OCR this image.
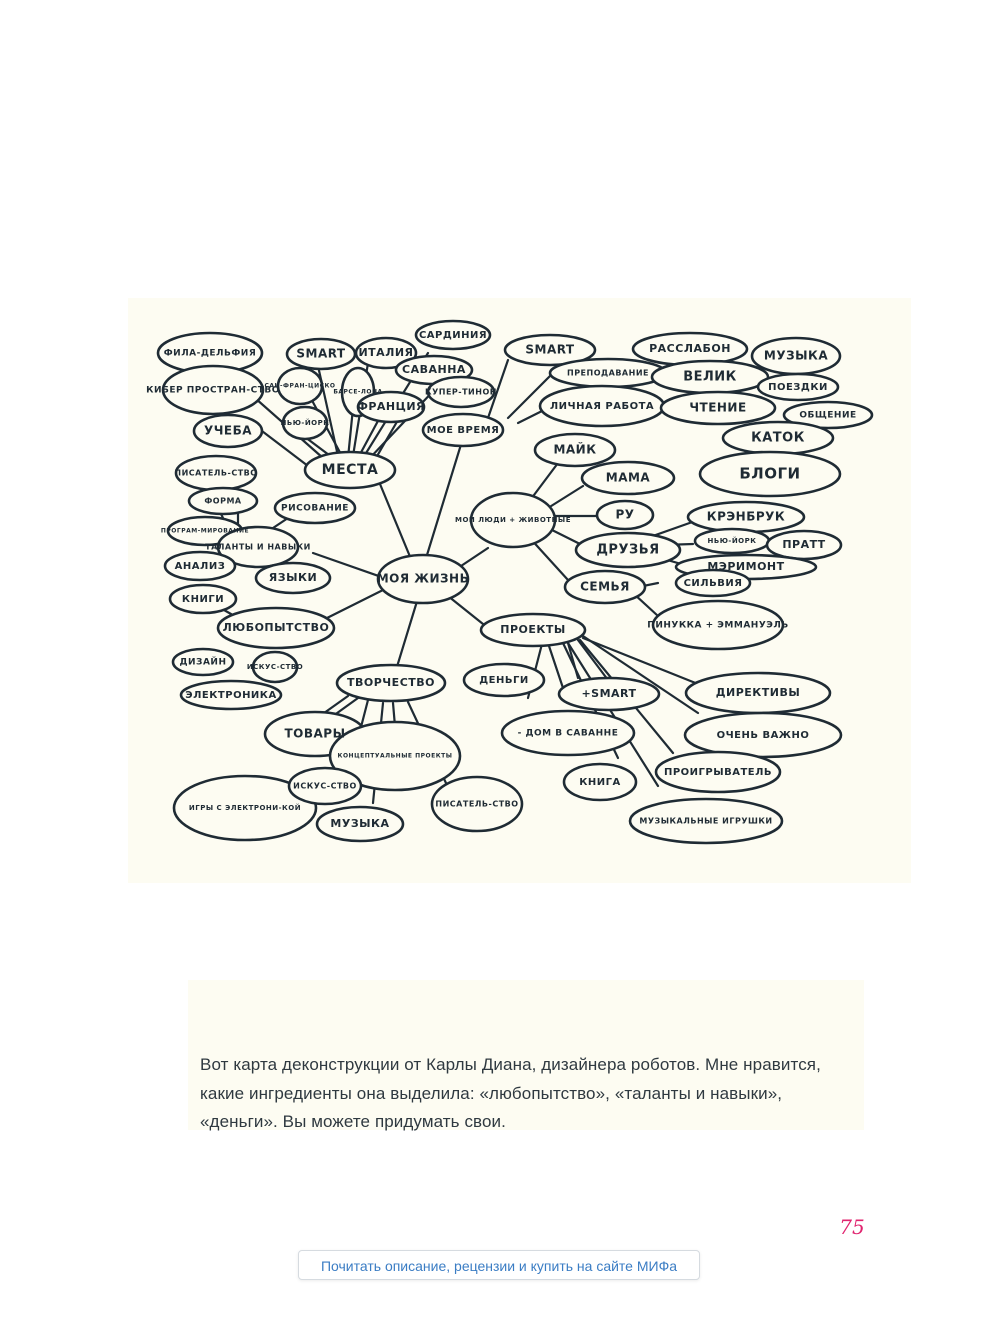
ФИЛА-ДЕЛЬФИЯ	SMART ИТАЛИЯ
САРДИНИЯ
КИБЕР ПРОСТРАН-СТВО
САН-ФРАН-ЦИСКО
БАРСЕ-ЛОНА
САВАННА
КУПЕР-ТИНОН
УЧЕБА
НЬЮ-ЙОРК
ФРАНЦИЯ
МОЕ ВРЕМЯ
МЕСТА
SMART
ПРЕПОДАВАНИЕ
ЛИЧНАЯ РАБОТА
РАССЛАБОН	МУЗЫКА
ВЕЛИК
ПОЕЗДКИ
ЧТЕНИЕ
ОБЩЕНИЕ
КАТОК
БЛОГИ
ПИСАТЕЛЬ-СТВО
ФОРМА
РИСОВАНИЕ
ПРОГРАМ-МИРОВАНИЕ
ТАЛАНТЫ И НАВЫКИ
АНАЛИЗ
ЯЗЫКИ
КНИГИ
ЛЮБОПЫТСТВО
ДИЗАЙН	ИСКУС-СТВО
ЭЛЕКТРОНИКА
МОЯ ЖИЗНЬ
МОИ ЛЮДИ + ЖИВОТНЫЕ
МАЙК
МАМА
РУ
ДРУЗЬЯ
КРЭНБРУК
НЬЮ-ЙОРК ПРАТТ
МЭРИМОНТ
СЕМЬЯ	СИЛЬВИЯ
ПИНУККА + ЭММАНУЭЛЬ
ПРОЕКТЫ
ДЕНЬГИ
+SMART	ДИРЕКТИВЫ
ОЧЕНЬ ВАЖНО
- ДОМ В САВАННЕ
КНИГА
ПРОИГРЫВАТЕЛЬ
МУЗЫКАЛЬНЫЕ ИГРУШКИ
ТВОРЧЕСТВО
ТОВАРЫ
КОНЦЕПТУАЛЬНЫЕ ПРОЕКТЫ
ИГРЫ С ЭЛЕКТРОНИ-КОЙ
ИСКУС-СТВО
МУЗЫКА
ПИСАТЕЛЬ-СТВО

Вот карта деконструкции от Карлы Диана, дизайнера роботов. Мне нравится, какие ингредиенты она выделила: «любопытство», «таланты и навыки», «деньги». Вы можете придумать свои.

75
Почитать описание, рецензии и купить на сайте МИФа
